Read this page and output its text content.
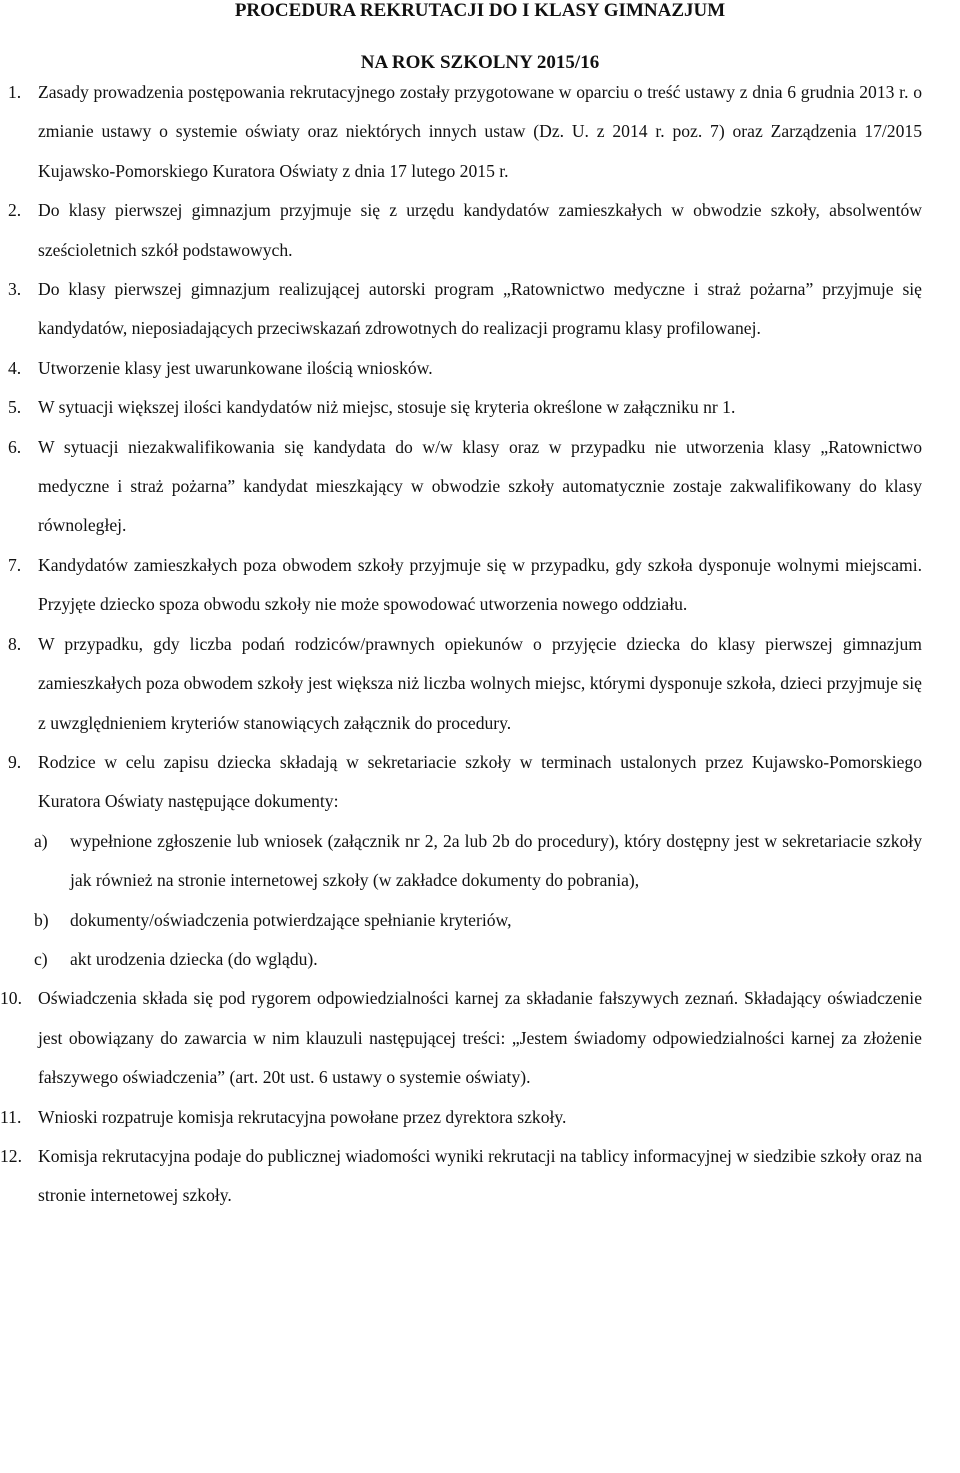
PROCEDURA REKRUTACJI DO I KLASY GIMNAZJUM
NA ROK SZKOLNY 2015/16
1. Zasady prowadzenia postępowania rekrutacyjnego zostały przygotowane w oparciu o treść ustawy z dnia 6 grudnia 2013 r. o zmianie ustawy o systemie oświaty oraz niektórych innych ustaw (Dz. U. z 2014 r. poz. 7) oraz Zarządzenia 17/2015 Kujawsko-Pomorskiego Kuratora Oświaty z dnia 17 lutego 2015 r.

2. Do klasy pierwszej gimnazjum przyjmuje się z urzędu kandydatów zamieszkałych w obwodzie szkoły, absolwentów sześcioletnich szkół podstawowych.

3. Do klasy pierwszej gimnazjum realizującej autorski program „Ratownictwo medyczne i straż pożarna” przyjmuje się kandydatów, nieposiadających przeciwskazań zdrowotnych do realizacji programu klasy profilowanej.

4. Utworzenie klasy jest uwarunkowane ilością wniosków.

5. W sytuacji większej ilości kandydatów niż miejsc, stosuje się kryteria określone w załączniku nr 1.

6. W sytuacji niezakwalifikowania się kandydata do w/w klasy oraz w przypadku nie utworzenia klasy „Ratownictwo medyczne i straż pożarna” kandydat mieszkający w obwodzie szkoły automatycznie zostaje zakwalifikowany do klasy równoległej.

7. Kandydatów zamieszkałych poza obwodem szkoły przyjmuje się w przypadku, gdy szkoła dysponuje wolnymi miejscami. Przyjęte dziecko spoza obwodu szkoły nie może spowodować utworzenia nowego oddziału.

8. W przypadku, gdy liczba podań rodziców/prawnych opiekunów o przyjęcie dziecka do klasy pierwszej gimnazjum zamieszkałych poza obwodem szkoły jest większa niż liczba wolnych miejsc, którymi dysponuje szkoła, dzieci przyjmuje się z uwzględnieniem kryteriów stanowiących załącznik do procedury.

9. Rodzice w celu zapisu dziecka składają w sekretariacie szkoły w terminach ustalonych przez Kujawsko-Pomorskiego Kuratora Oświaty następujące dokumenty:

a) wypełnione zgłoszenie lub wniosek (załącznik nr 2, 2a lub 2b do procedury), który dostępny jest w sekretariacie szkoły jak również na stronie internetowej szkoły (w zakładce dokumenty do pobrania),

b) dokumenty/oświadczenia potwierdzające spełnianie kryteriów,

c) akt urodzenia dziecka (do wglądu).

10. Oświadczenia składa się pod rygorem odpowiedzialności karnej za składanie fałszywych zeznań. Składający oświadczenie jest obowiązany do zawarcia w nim klauzuli następującej treści: „Jestem świadomy odpowiedzialności karnej za złożenie fałszywego oświadczenia” (art. 20t ust. 6 ustawy o systemie oświaty).

11. Wnioski rozpatruje komisja rekrutacyjna powołane przez dyrektora szkoły.

12. Komisja rekrutacyjna podaje do publicznej wiadomości wyniki rekrutacji na tablicy informacyjnej w siedzibie szkoły oraz na stronie internetowej szkoły.
